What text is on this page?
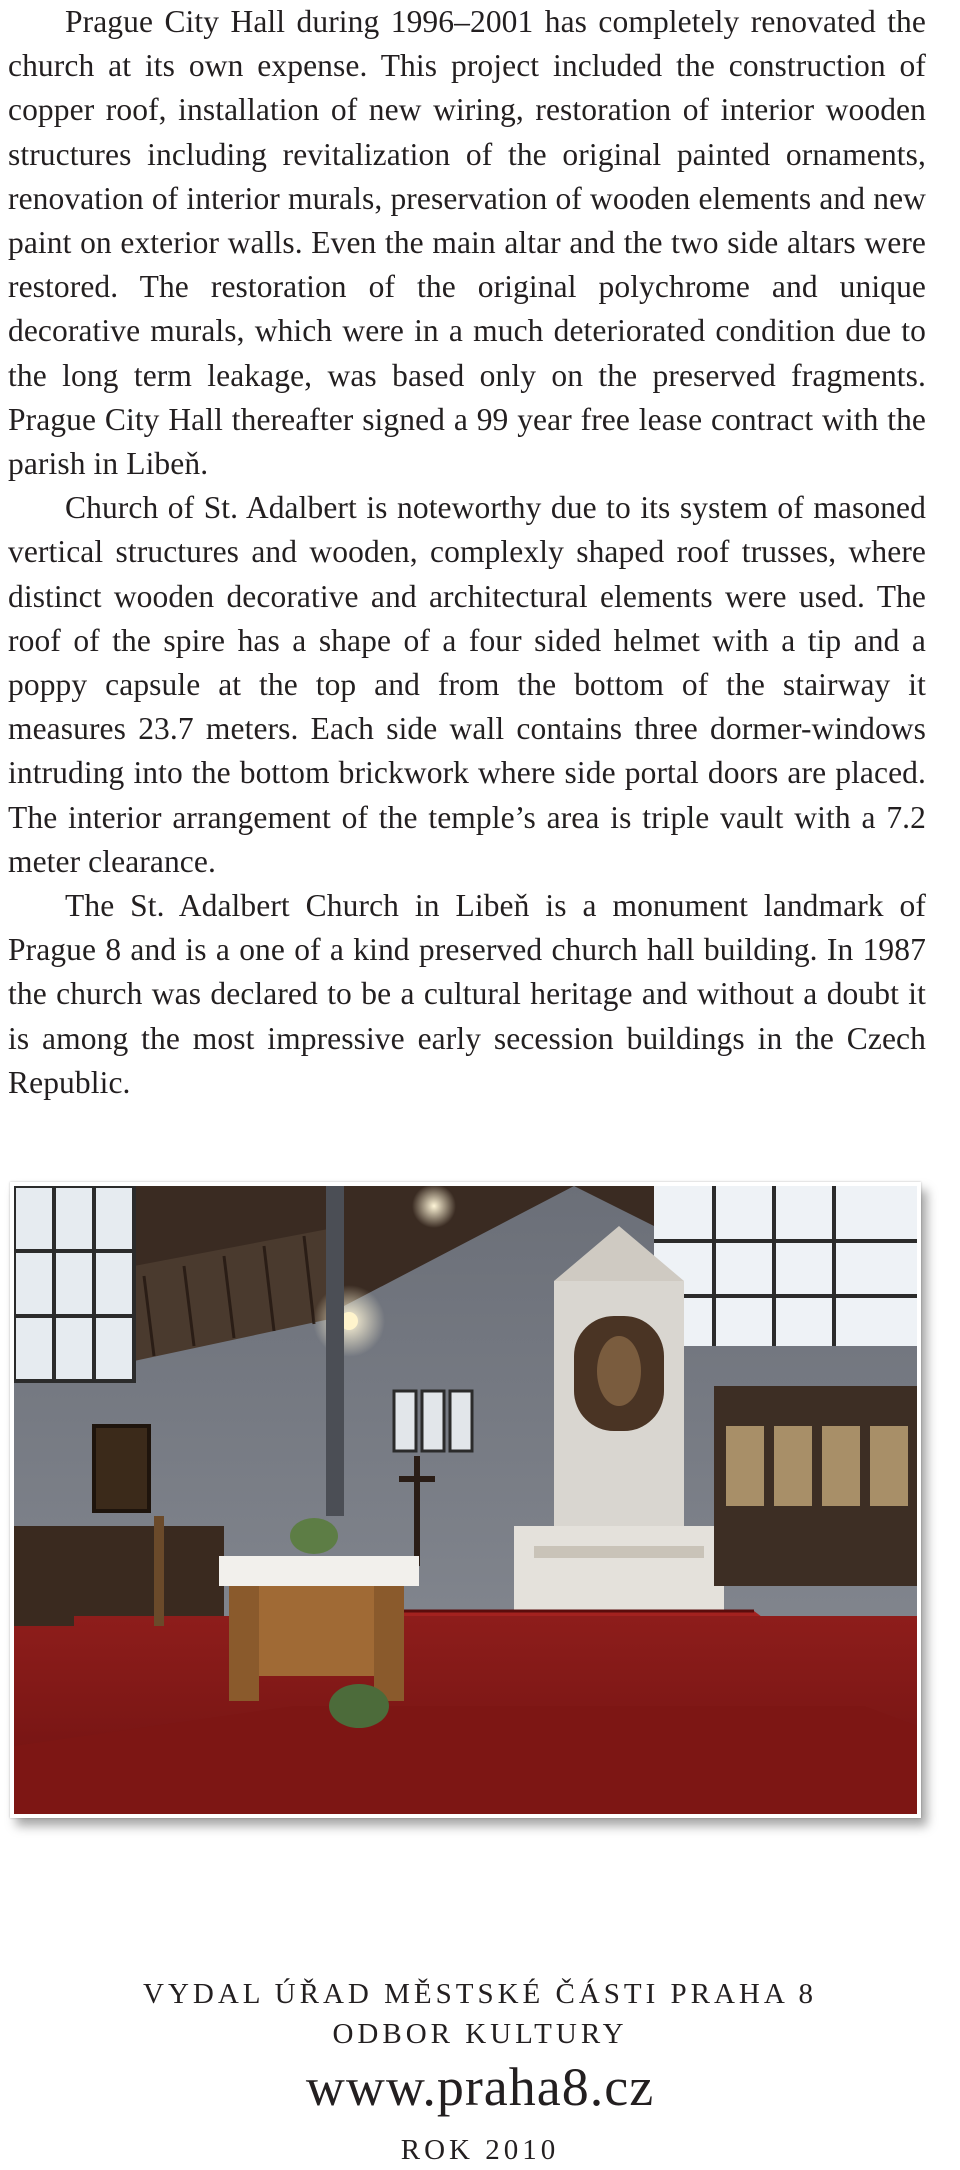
Prague City Hall during 1996–2001 has completely renovated the church at its own expense. This project included the construction of copper roof, installation of new wiring, restoration of interior wooden structures including revitalization of the original painted ornaments, renovation of interior murals, preservation of wooden elements and new paint on exterior walls. Even the main altar and the two side altars were restored. The restoration of the original polychrome and unique decorative murals, which were in a much deteriorated condition due to the long term leakage, was based only on the preserved fragments. Prague City Hall thereafter signed a 99 year free lease contract with the parish in Libeň.

Church of St. Adalbert is noteworthy due to its system of masoned vertical structures and wooden, complexly shaped roof trusses, where distinct wooden decorative and architectural elements were used. The roof of the spire has a shape of a four sided helmet with a tip and a poppy capsule at the top and from the bottom of the stairway it measures 23.7 meters. Each side wall contains three dormer-windows intruding into the bottom brickwork where side portal doors are placed. The interior arrangement of the temple’s area is triple vault with a 7.2 meter clearance.

The St. Adalbert Church in Libeň is a monument landmark of Prague 8 and is a one of a kind preserved church hall building. In 1987 the church was declared to be a cultural heritage and without a doubt it is among the most impressive early secession buildings in the Czech Republic.

VYDAL ÚŘAD MĚSTSKÉ ČÁSTI PRAHA 8
ODBOR KULTURY
www.praha8.cz
ROK 2010
